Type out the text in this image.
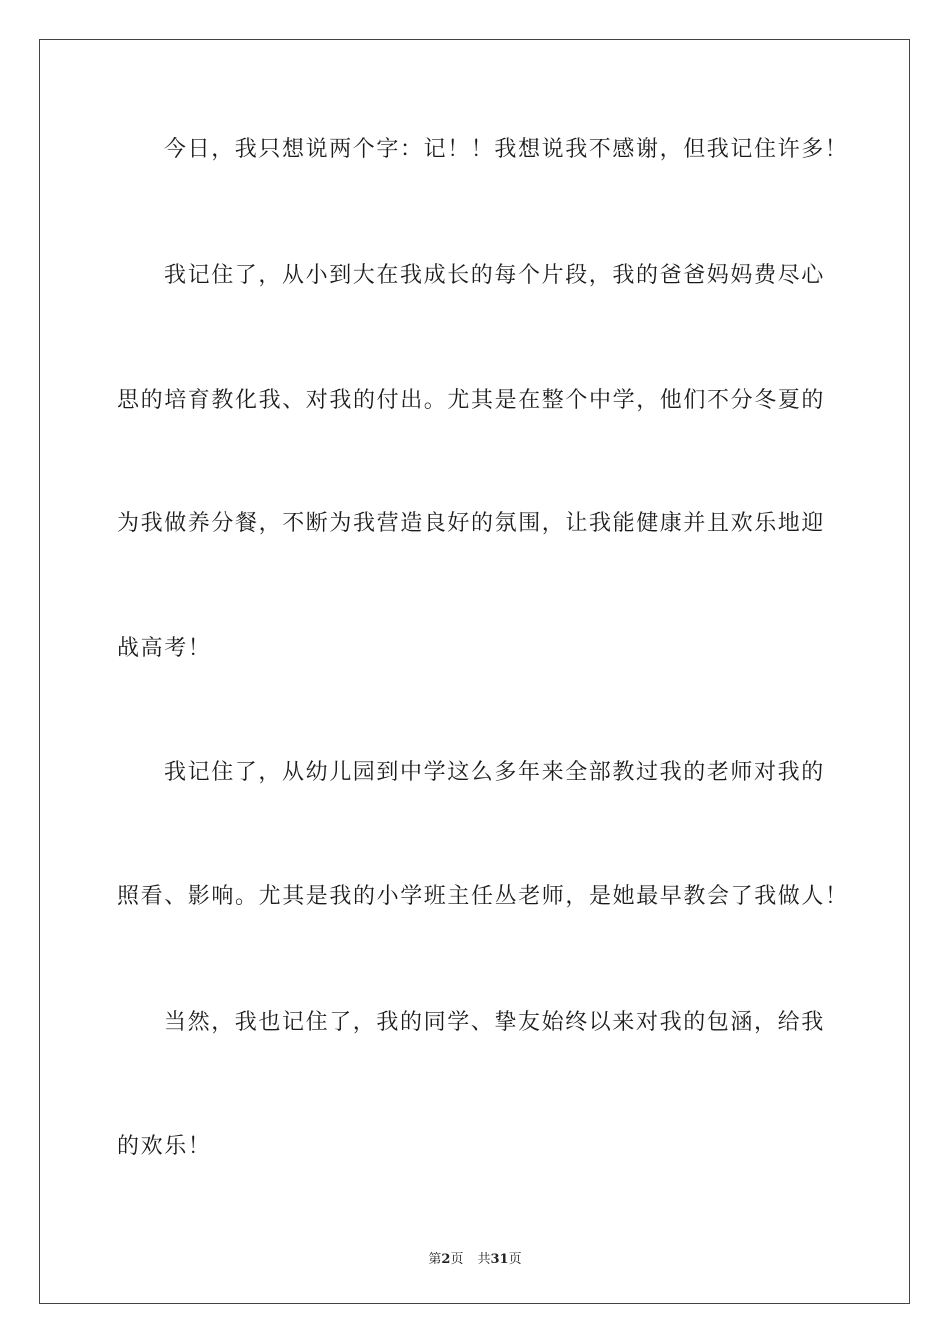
今日，我只想说两个字：记！！我想说我不感谢，但我记住许多！
我记住了，从小到大在我成长的每个片段，我的爸爸妈妈费尽心
思的培育教化我、对我的付出。尤其是在整个中学，他们不分冬夏的
为我做养分餐，不断为我营造良好的氛围，让我能健康并且欢乐地迎
战高考！
我记住了，从幼儿园到中学这么多年来全部教过我的老师对我的
照看、影响。尤其是我的小学班主任丛老师，是她最早教会了我做人！
当然，我也记住了，我的同学、挚友始终以来对我的包涵，给我
的欢乐！
第2页 共31页
